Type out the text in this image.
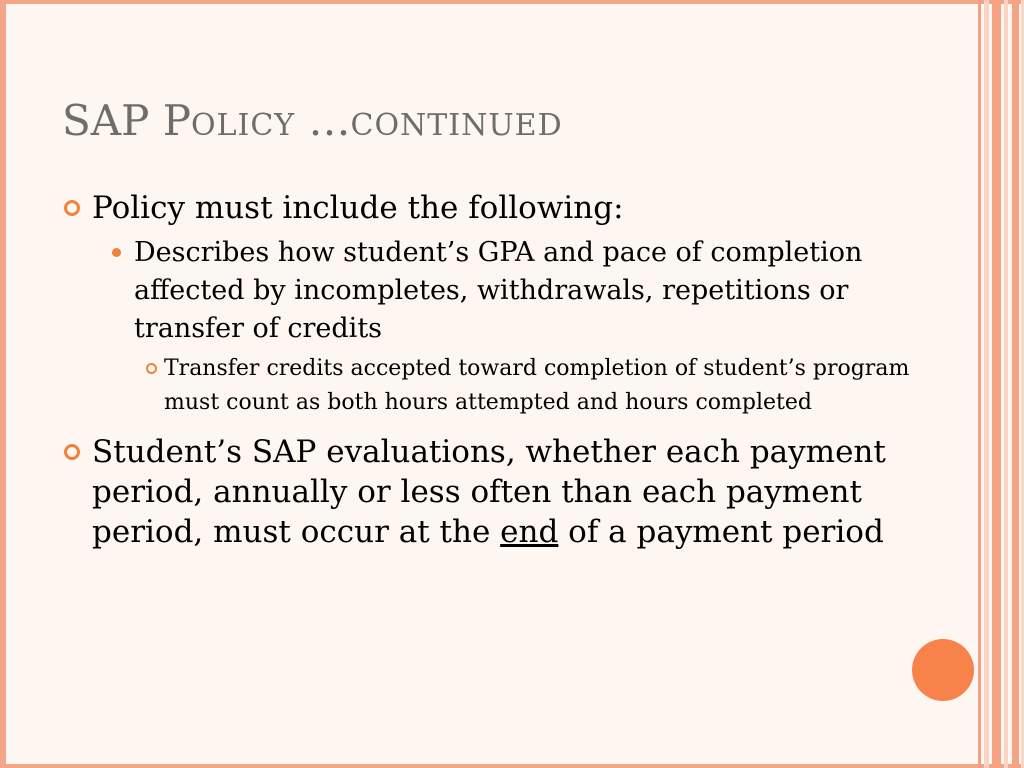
SAP POLICY …CONTINUED
Policy must include the following:
Describes how student’s GPA and pace of completion affected by incompletes, withdrawals, repetitions or transfer of credits
Transfer credits accepted toward completion of student’s program must count as both hours attempted and hours completed
Student’s SAP evaluations, whether each payment period, annually or less often than each payment period, must occur at the end of a payment period
